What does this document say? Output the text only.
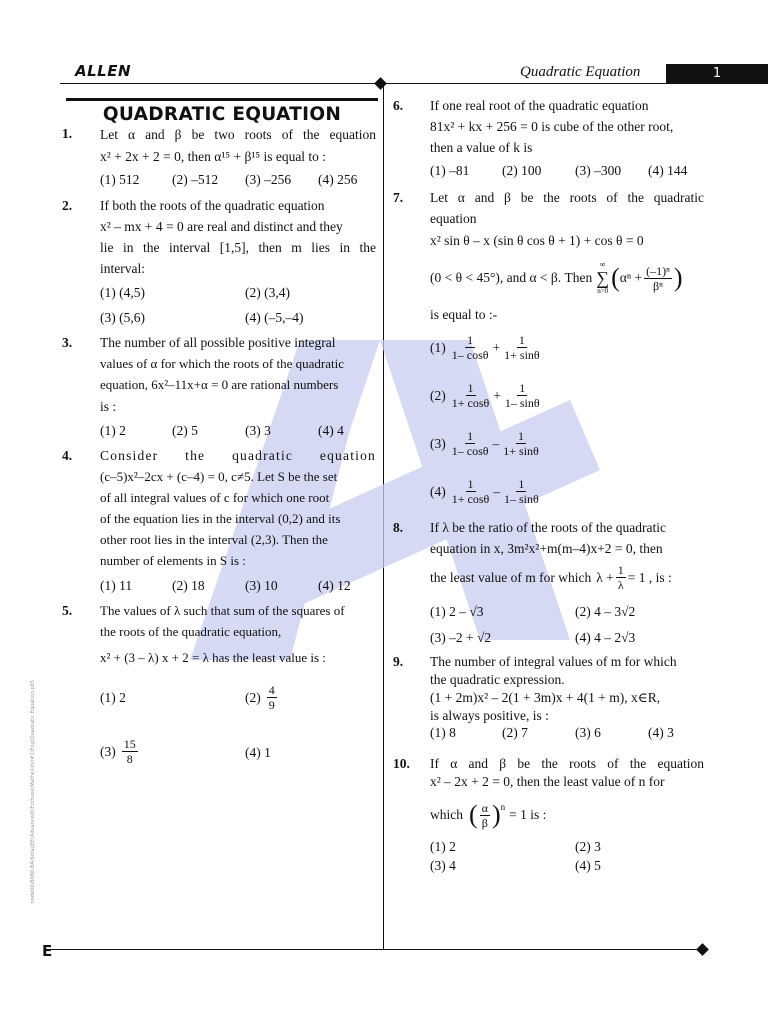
ALLEN	Quadratic Equation	1
E
node06\B0B0-BA\Kota\JEE(Advanced)\Enthuse\Maths\Unit#1\Eng\Quadratic Equation.p65
QUADRATIC EQUATION
1. Let α and β be two roots of the equation
x² + 2x + 2 = 0, then α¹⁵ + β¹⁵ is equal to :
(1) 512 (2) –512 (3) –256 (4) 256
2. If both the roots of the quadratic equation
x² – mx + 4 = 0 are real and distinct and they
lie in the interval [1,5], then m lies in the
interval:
(1) (4,5)	(2) (3,4)
(3) (5,6)	(4) (–5,–4)
3. The number of all possible positive integral
values of α for which the roots of the quadratic
equation, 6x²–11x+α = 0 are rational numbers
is :
(1) 2	(2) 5	(3) 3	(4) 4
4. Consider the quadratic equation
(c–5)x²–2cx + (c–4) = 0, c≠5. Let S be the set
of all integral values of c for which one root
of the equation lies in the interval (0,2) and its
other root lies in the interval (2,3). Then the
number of elements in S is :
(1) 11	(2) 18	(3) 10	(4) 12
5. The values of λ such that sum of the squares of
the roots of the quadratic equation,
x² + (3 – λ) x + 2 = λ has the least value is :
(1) 2	$(2) \frac{4}{9}$
$(3) \frac{15}{8}$	(4) 1
6. If one real root of the quadratic equation
81x² + kx + 256 = 0 is cube of the other root,
then a value of k is
(1) –81 (2) 100 (3) –300 (4) 144
7. Let α and β be the roots of the quadratic
equation
x² sin θ – x (sin θ cos θ + 1) + cos θ = 0
(0 < θ < 45°), and α < β. Then
∞
∑
n=0 ( $\alpha^n + \frac{\text{(–1)ⁿ}}{\text{βⁿ}}$ )
is equal to :-
$(1) \frac{1}{1- \cos\theta} + \frac{1}{1+ \sin\theta}$
$(2) \frac{1}{1+ \cos\theta} + \frac{1}{1- \sin\theta}$
$(3) \frac{1}{1- \cos\theta} - \frac{1}{1+ \sin\theta}$
$(4) \frac{1}{1+ \cos\theta} - \frac{1}{1- \sin\theta}$
8. If λ be the ratio of the roots of the quadratic
equation in x, 3m²x²+m(m–4)x+2 = 0, then
the least value of m for which $\lambda + \frac{1}{\lambda} = 1$ , is :
(1) 2 – √3	(2) 4 – 3√2
(3) –2 + √2	(4) 4 – 2√3
9. The number of integral values of m for which
the quadratic expression.
(1 + 2m)x² – 2(1 + 3m)x + 4(1 + m), x∈R,
is always positive, is :
(1) 8	(2) 7	(3) 6	(4) 3
10. If α and β be the roots of the equation
x² – 2x + 2 = 0, then the least value of n for
which ( $\frac{\alpha}{\beta} )^n = 1$ is :
(1) 2	(2) 3
(3) 4	(4) 5
